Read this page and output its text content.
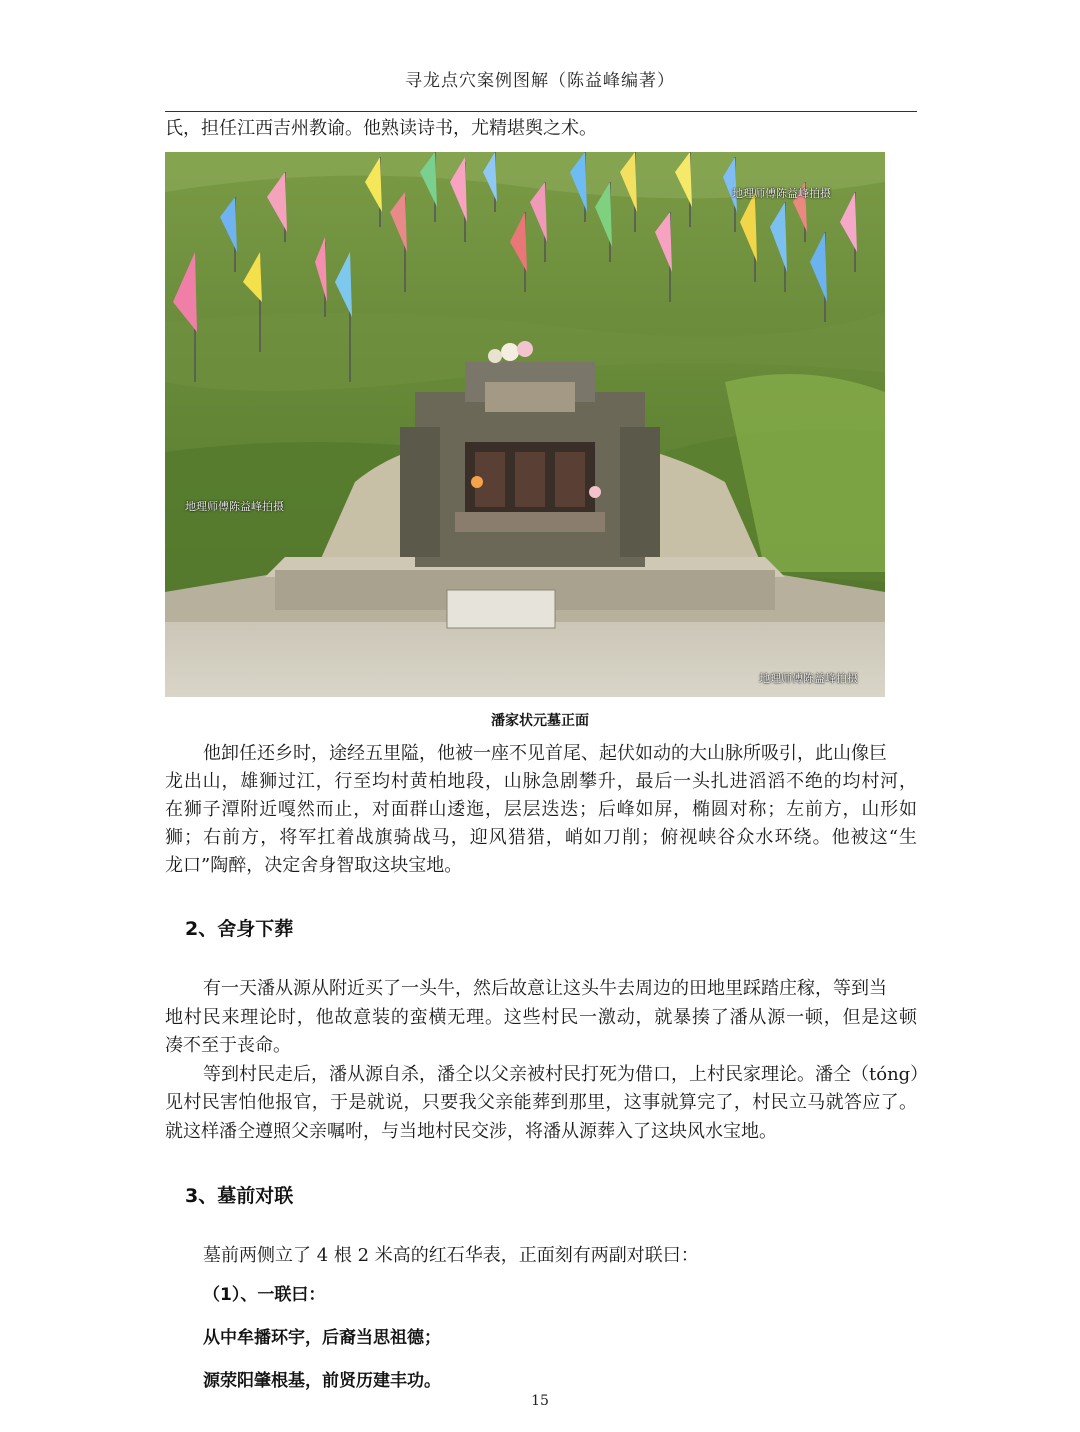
寻龙点穴案例图解（陈益峰编著）
氏，担任江西吉州教谕。他熟读诗书，尤精堪舆之术。
地理师傅陈益峰拍摄
地理师傅陈益峰拍摄
地理师傅陈益峰拍摄
潘家状元墓正面
他卸任还乡时，途经五里隘，他被一座不见首尾、起伏如动的大山脉所吸引，此山像巨
龙出山，雄狮过江，行至均村黄柏地段，山脉急剧攀升，最后一头扎进滔滔不绝的均村河，
在狮子潭附近嘎然而止，对面群山逶迤，层层迭迭；后峰如屏，椭圆对称；左前方，山形如
狮；右前方，将军扛着战旗骑战马，迎风猎猎，峭如刀削；俯视峡谷众水环绕。他被这“生
龙口”陶醉，决定舍身智取这块宝地。
2、舍身下葬
有一天潘从源从附近买了一头牛，然后故意让这头牛去周边的田地里踩踏庄稼，等到当
地村民来理论时，他故意装的蛮横无理。这些村民一激动，就暴揍了潘从源一顿，但是这顿
凑不至于丧命。
等到村民走后，潘从源自杀，潘仝以父亲被村民打死为借口，上村民家理论。潘仝（tóng）
见村民害怕他报官，于是就说，只要我父亲能葬到那里，这事就算完了，村民立马就答应了。
就这样潘仝遵照父亲嘱咐，与当地村民交涉，将潘从源葬入了这块风水宝地。
3、墓前对联
墓前两侧立了 4 根 2 米高的红石华表，正面刻有两副对联曰：
（1）、一联曰：
从中牟播环宇，后裔当思祖德；
源荥阳肇根基，前贤历建丰功。
15
